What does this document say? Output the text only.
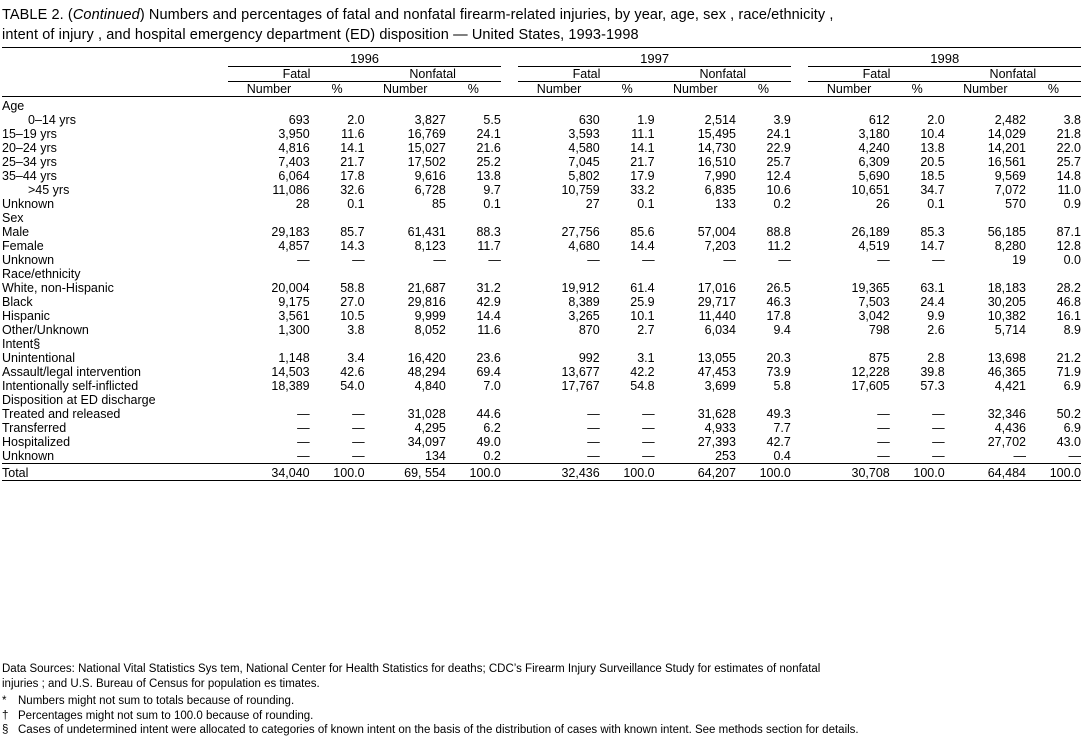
TABLE 2. (Continued) Numbers and percentages of fatal and nonfatal firearm-related injuries, by year, age, sex , race/ethnicity ,
intent of injury , and hospital emergency department (ED) disposition — United States, 1993-1998

	1996					1997					1998			
	Fatal		Nonfatal			Fatal		Nonfatal			Fatal		Nonfatal	
	Number	%	Number	%		Number	%	Number	%		Number	%	Number	%

Age														
0–14 yrs	693	2.0	3,827	5.5		630	1.9	2,514	3.9		612	2.0	2,482	3.8
15–19 yrs	3,950	11.6	16,769	24.1		3,593	11.1	15,495	24.1		3,180	10.4	14,029	21.8
20–24 yrs	4,816	14.1	15,027	21.6		4,580	14.1	14,730	22.9		4,240	13.8	14,201	22.0
25–34 yrs	7,403	21.7	17,502	25.2		7,045	21.7	16,510	25.7		6,309	20.5	16,561	25.7
35–44 yrs	6,064	17.8	9,616	13.8		5,802	17.9	7,990	12.4		5,690	18.5	9,569	14.8
>45 yrs	11,086	32.6	6,728	9.7		10,759	33.2	6,835	10.6		10,651	34.7	7,072	11.0
Unknown	28	0.1	85	0.1		27	0.1	133	0.2		26	0.1	570	0.9
Sex														
Male	29,183	85.7	61,431	88.3		27,756	85.6	57,004	88.8		26,189	85.3	56,185	87.1
Female	4,857	14.3	8,123	11.7		4,680	14.4	7,203	11.2		4,519	14.7	8,280	12.8
Unknown	—	—	—	—		—	—	—	—		—	—	19	0.0
Race/ethnicity														
White, non-Hispanic	20,004	58.8	21,687	31.2		19,912	61.4	17,016	26.5		19,365	63.1	18,183	28.2
Black	9,175	27.0	29,816	42.9		8,389	25.9	29,717	46.3		7,503	24.4	30,205	46.8
Hispanic	3,561	10.5	9,999	14.4		3,265	10.1	11,440	17.8		3,042	9.9	10,382	16.1
Other/Unknown	1,300	3.8	8,052	11.6		870	2.7	6,034	9.4		798	2.6	5,714	8.9
Intent§														
Unintentional	1,148	3.4	16,420	23.6		992	3.1	13,055	20.3		875	2.8	13,698	21.2
Assault/legal intervention	14,503	42.6	48,294	69.4		13,677	42.2	47,453	73.9		12,228	39.8	46,365	71.9
Intentionally self-inflicted	18,389	54.0	4,840	7.0		17,767	54.8	3,699	5.8		17,605	57.3	4,421	6.9
Disposition at ED discharge														
Treated and released	—	—	31,028	44.6		—	—	31,628	49.3		—	—	32,346	50.2
Transferred	—	—	4,295	6.2		—	—	4,933	7.7		—	—	4,436	6.9
Hospitalized	—	—	34,097	49.0		—	—	27,393	42.7		—	—	27,702	43.0
Unknown	—	—	134	0.2		—	—	253	0.4		—	—	—	—

Total	34,040	100.0	69, 554	100.0		32,436	100.0	64,207	100.0		30,708	100.0	64,484	100.0

Data Sources: National Vital Statistics Sys tem, National Center for Health Statistics for deaths; CDC’s Firearm Injury Surveillance Study for estimates of nonfatal
injuries ; and U.S. Bureau of Census for population es timates.
*	Numbers might not sum to totals because of rounding.
† Percentages might not sum to 100.0 because of rounding.
§ Cases of undetermined intent were allocated to categories of known intent on the basis of the distribution of cases with known intent. See methods section for details.
